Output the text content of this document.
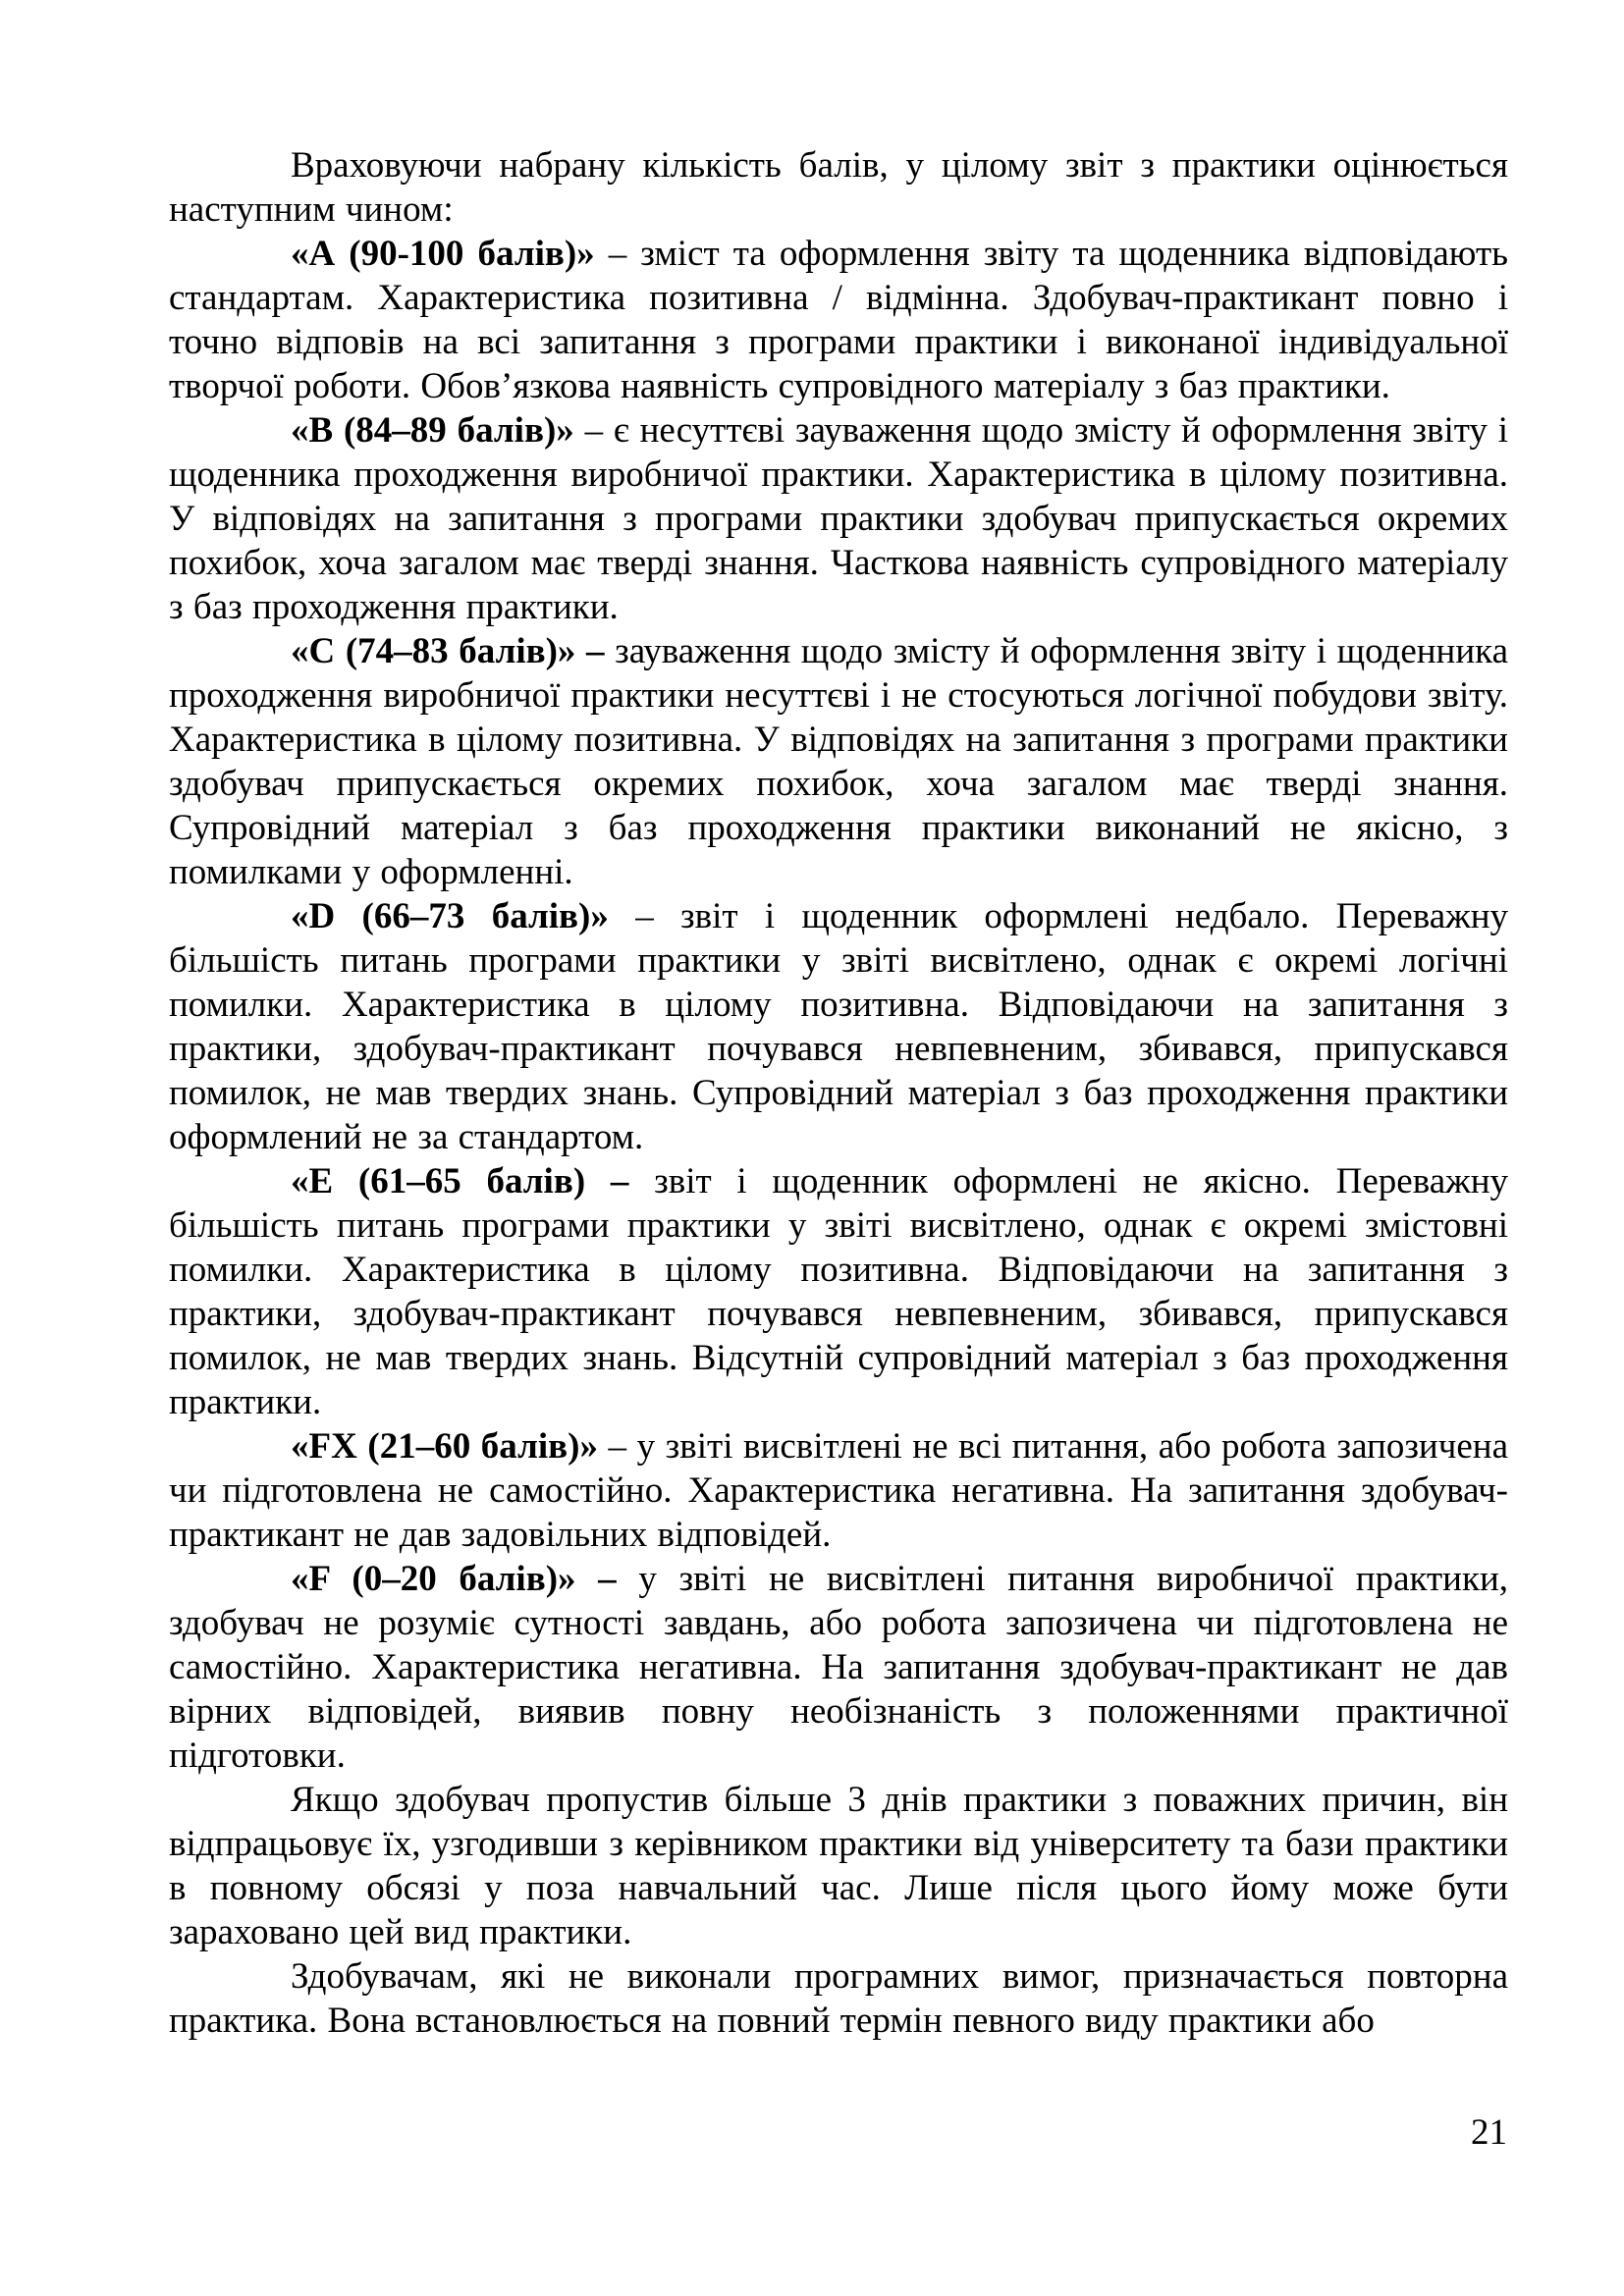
Враховуючи набрану кількість балів, у цілому звіт з практики оцінюється наступним чином:

«А (90-100 балів)» – зміст та оформлення звіту та щоденника відповідають стандартам. Характеристика позитивна / відмінна. Здобувач-практикант повно і точно відповів на всі запитання з програми практики і виконаної індивідуальної творчої роботи. Обов’язкова наявність супровідного матеріалу з баз практики.

«В (84–89 балів)» – є несуттєві зауваження щодо змісту й оформлення звіту і щоденника проходження виробничої практики. Характеристика в цілому позитивна. У відповідях на запитання з програми практики здобувач припускається окремих похибок, хоча загалом має тверді знання. Часткова наявність супровідного матеріалу з баз проходження практики.

«С (74–83 балів)» – зауваження щодо змісту й оформлення звіту і щоденника проходження виробничої практики несуттєві і не стосуються логічної побудови звіту. Характеристика в цілому позитивна. У відповідях на запитання з програми практики здобувач припускається окремих похибок, хоча загалом має тверді знання. Супровідний матеріал з баз проходження практики виконаний не якісно, з помилками у оформленні.

«D (66–73 балів)» – звіт і щоденник оформлені недбало. Переважну більшість питань програми практики у звіті висвітлено, однак є окремі логічні помилки. Характеристика в цілому позитивна. Відповідаючи на запитання з практики, здобувач-практикант почувався невпевненим, збивався, припускався помилок, не мав твердих знань. Супровідний матеріал з баз проходження практики оформлений не за стандартом.

«Е (61–65 балів) – звіт і щоденник оформлені не якісно. Переважну більшість питань програми практики у звіті висвітлено, однак є окремі змістовні помилки. Характеристика в цілому позитивна. Відповідаючи на запитання з практики, здобувач-практикант почувався невпевненим, збивався, припускався помилок, не мав твердих знань. Відсутній супровідний матеріал з баз проходження практики.

«FX (21–60 балів)» – у звіті висвітлені не всі питання, або робота запозичена чи підготовлена не самостійно. Характеристика негативна. На запитання здобувач-практикант не дав задовільних відповідей.

«F (0–20 балів)» – у звіті не висвітлені питання виробничої практики, здобувач не розуміє сутності завдань, або робота запозичена чи підготовлена не самостійно. Характеристика негативна. На запитання здобувач-практикант не дав вірних відповідей, виявив повну необізнаність з положеннями практичної підготовки.

Якщо здобувач пропустив більше 3 днів практики з поважних причин, він відпрацьовує їх, узгодивши з керівником практики від університету та бази практики в повному обсязі у поза навчальний час. Лише після цього йому може бути зараховано цей вид практики.

Здобувачам, які не виконали програмних вимог, призначається повторна практика. Вона встановлюється на повний термін певного виду практики або

21
